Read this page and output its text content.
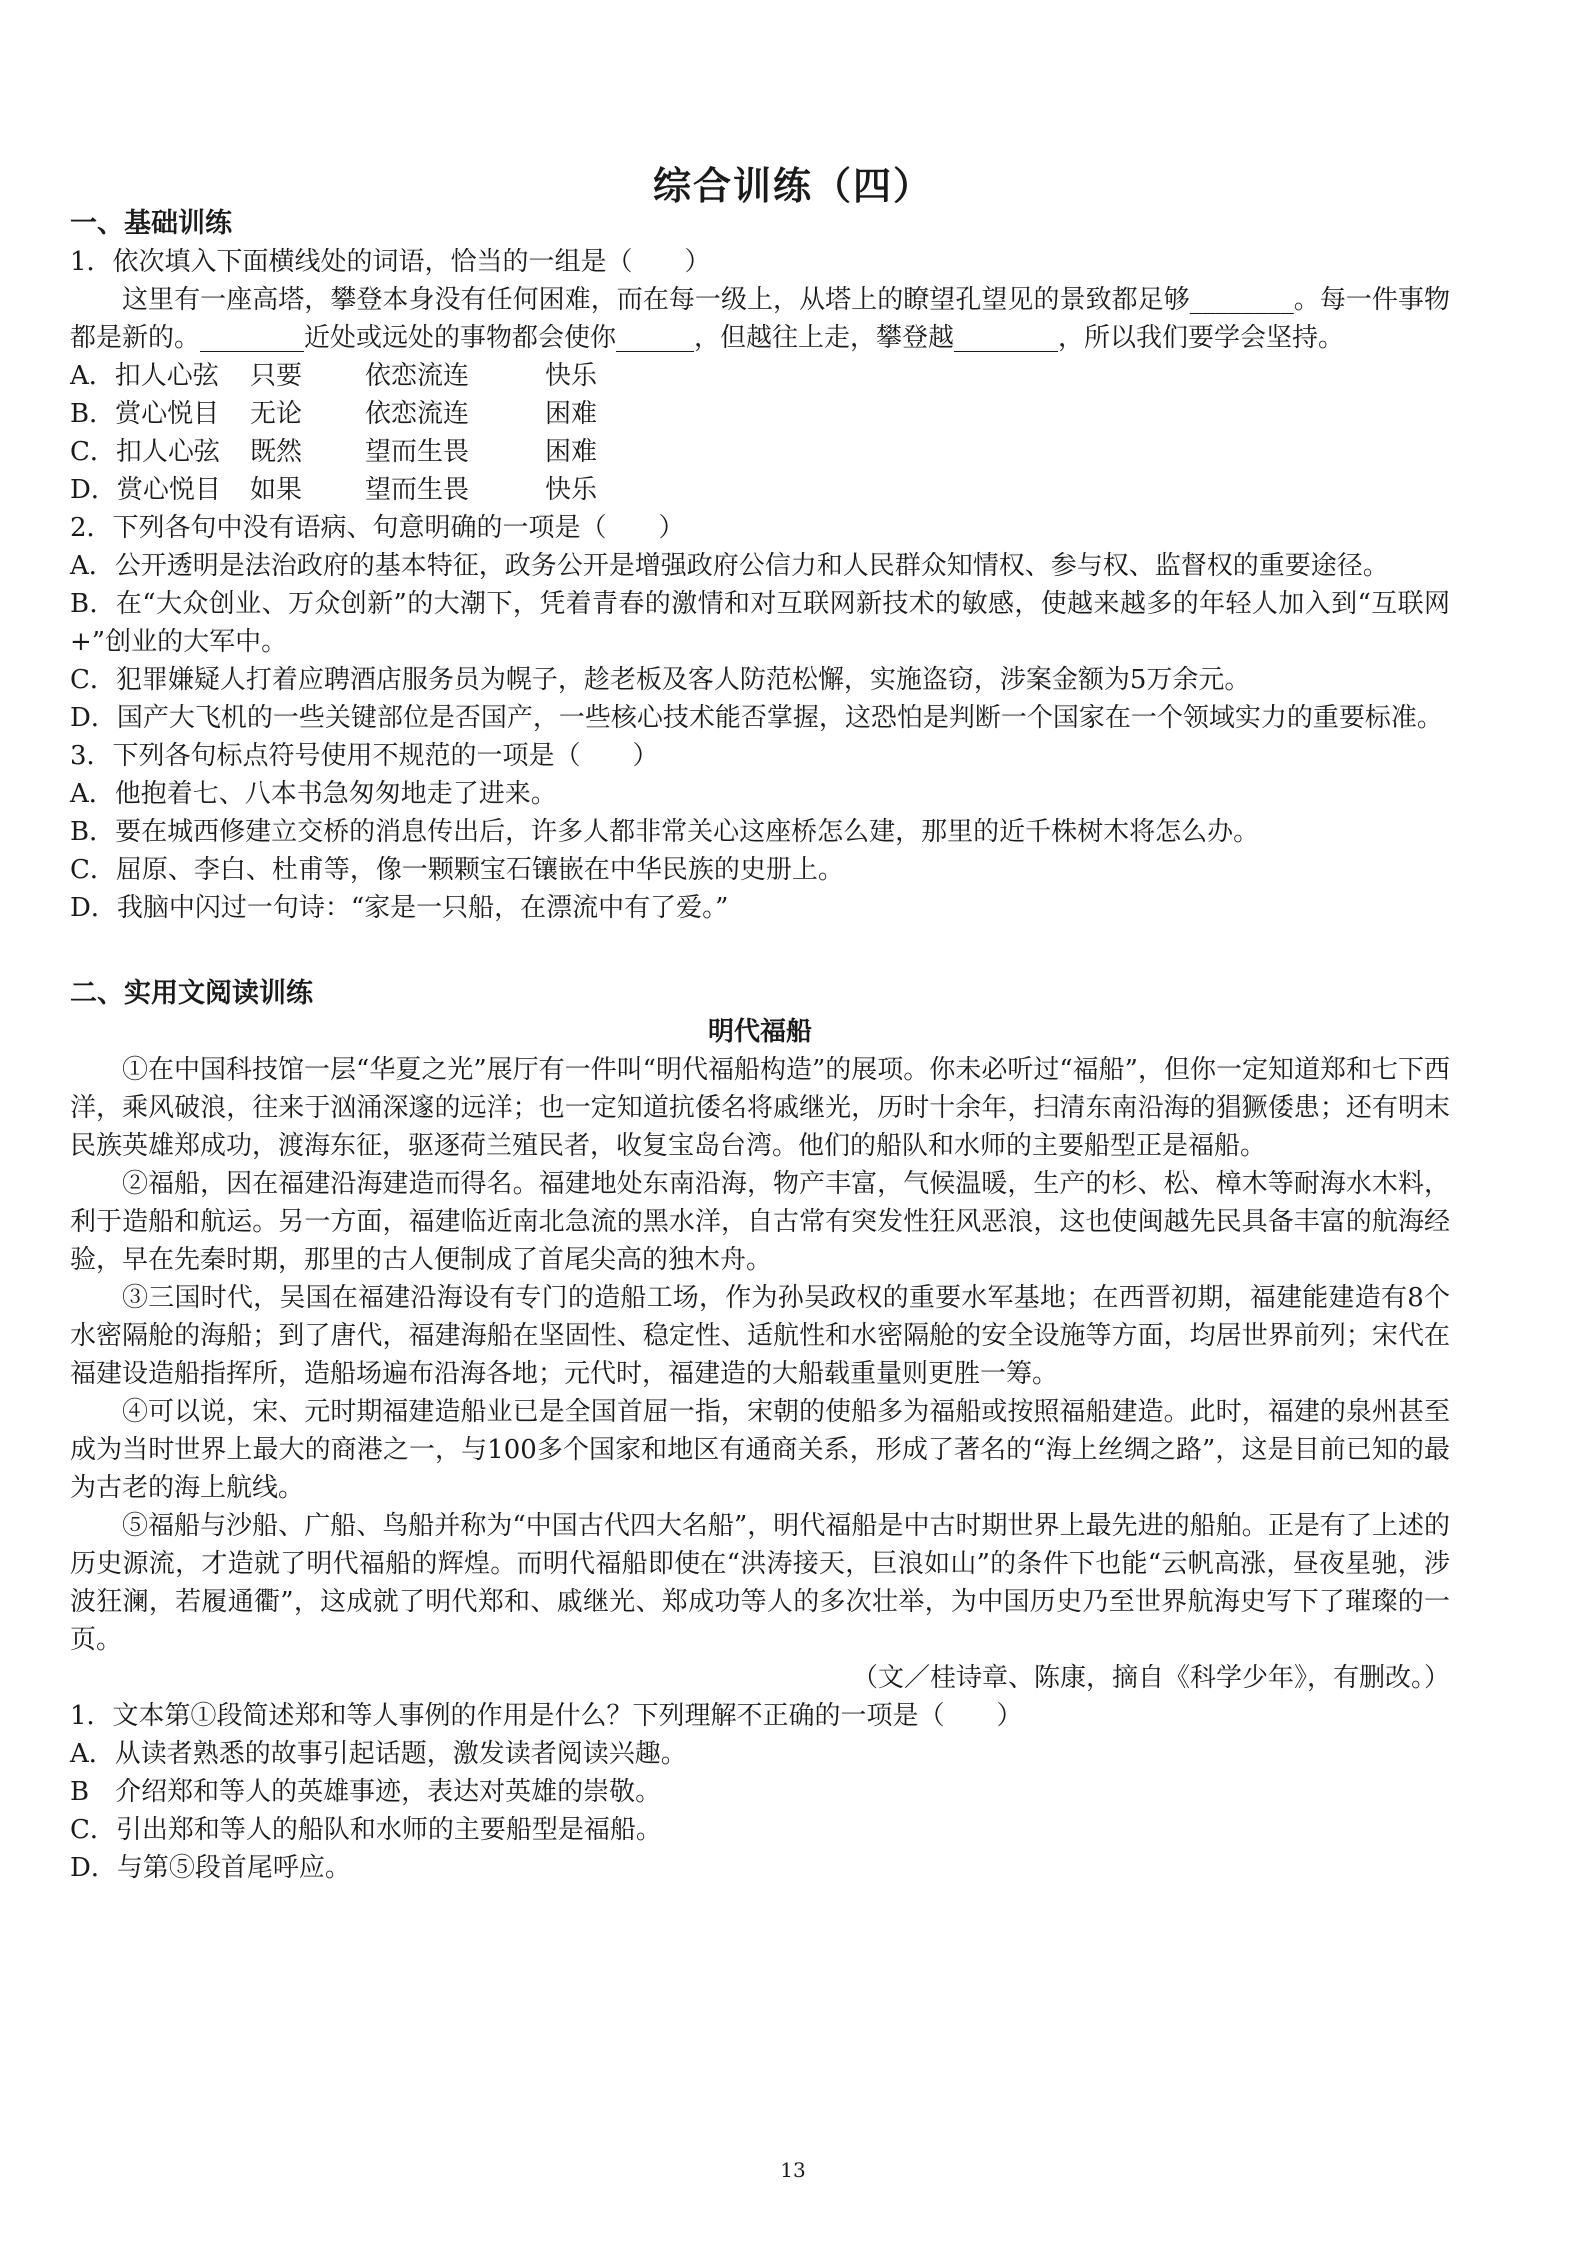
综合训练（四）
一、基础训练
1．依次填入下面横线处的词语，恰当的一组是（　　）
这里有一座高塔，攀登本身没有任何困难，而在每一级上，从塔上的瞭望孔望见的景致都足够________。每一件事物都是新的。________近处或远处的事物都会使你______，但越往上走，攀登越________，所以我们要学会坚持。
A．扣人心弦	只要	依恋流连	快乐
B．赏心悦目	无论	依恋流连	困难
C．扣人心弦	既然	望而生畏	困难
D．赏心悦目	如果	望而生畏	快乐
2．下列各句中没有语病、句意明确的一项是（　　）
A．公开透明是法治政府的基本特征，政务公开是增强政府公信力和人民群众知情权、参与权、监督权的重要途径。
B．在“大众创业、万众创新”的大潮下，凭着青春的激情和对互联网新技术的敏感，使越来越多的年轻人加入到“互联网+”创业的大军中。
C．犯罪嫌疑人打着应聘酒店服务员为幌子，趁老板及客人防范松懈，实施盗窃，涉案金额为5万余元。
D．国产大飞机的一些关键部位是否国产，一些核心技术能否掌握，这恐怕是判断一个国家在一个领域实力的重要标准。
3．下列各句标点符号使用不规范的一项是（　　）
A．他抱着七、八本书急匆匆地走了进来。
B．要在城西修建立交桥的消息传出后，许多人都非常关心这座桥怎么建，那里的近千株树木将怎么办。
C．屈原、李白、杜甫等，像一颗颗宝石镶嵌在中华民族的史册上。
D．我脑中闪过一句诗：“家是一只船，在漂流中有了爱。”
二、实用文阅读训练
明代福船
①在中国科技馆一层“华夏之光”展厅有一件叫“明代福船构造”的展项。你未必听过“福船”，但你一定知道郑和七下西洋，乘风破浪，往来于汹涌深邃的远洋；也一定知道抗倭名将戚继光，历时十余年，扫清东南沿海的猖獗倭患；还有明末民族英雄郑成功，渡海东征，驱逐荷兰殖民者，收复宝岛台湾。他们的船队和水师的主要船型正是福船。
②福船，因在福建沿海建造而得名。福建地处东南沿海，物产丰富，气候温暖，生产的杉、松、樟木等耐海水木料，利于造船和航运。另一方面，福建临近南北急流的黑水洋，自古常有突发性狂风恶浪，这也使闽越先民具备丰富的航海经验，早在先秦时期，那里的古人便制成了首尾尖高的独木舟。
③三国时代，吴国在福建沿海设有专门的造船工场，作为孙吴政权的重要水军基地；在西晋初期，福建能建造有8个水密隔舱的海船；到了唐代，福建海船在坚固性、稳定性、适航性和水密隔舱的安全设施等方面，均居世界前列；宋代在福建设造船指挥所，造船场遍布沿海各地；元代时，福建造的大船载重量则更胜一筹。
④可以说，宋、元时期福建造船业已是全国首屈一指，宋朝的使船多为福船或按照福船建造。此时，福建的泉州甚至成为当时世界上最大的商港之一，与100多个国家和地区有通商关系，形成了著名的“海上丝绸之路”，这是目前已知的最为古老的海上航线。
⑤福船与沙船、广船、鸟船并称为“中国古代四大名船”，明代福船是中古时期世界上最先进的船舶。正是有了上述的历史源流，才造就了明代福船的辉煌。而明代福船即使在“洪涛接天，巨浪如山”的条件下也能“云帆高涨，昼夜星驰，涉波狂澜，若履通衢”，这成就了明代郑和、戚继光、郑成功等人的多次壮举，为中国历史乃至世界航海史写下了璀璨的一页。
（文／桂诗章、陈康，摘自《科学少年》，有删改。）
1．文本第①段简述郑和等人事例的作用是什么？下列理解不正确的一项是（　　）
A．从读者熟悉的故事引起话题，激发读者阅读兴趣。
B　介绍郑和等人的英雄事迹，表达对英雄的崇敬。
C．引出郑和等人的船队和水师的主要船型是福船。
D．与第⑤段首尾呼应。
13
